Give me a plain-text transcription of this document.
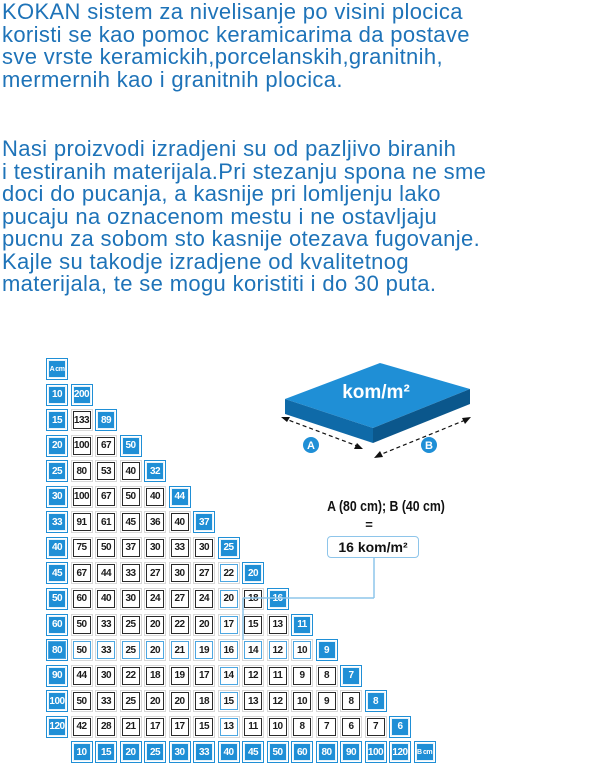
KOKAN sistem za nivelisanje po visini plocica
koristi se kao pomoc keramicarima da postave
sve vrste keramickih,porcelanskih,granitnih,
mermernih kao i granitnih plocica.

Nasi proizvodi izradjeni su od pazljivo biranih
i testiranih materijala.Pri stezanju spona ne sme
doci do pucanja, a kasnije pri lomljenju lako
pucaju na oznacenom mestu i ne ostavljaju
pucnu za sobom sto kasnije otezava fugovanje.
Kajle su takodje izradjene od kvalitetnog
materijala, te se mogu koristiti i do 30 puta.

A cm
10	200
15	133	89
20	100	67	50
25	80	53	40	32
30	100	67	50	40	44
33	91	61	45	36	40	37
40	75	50	37	30	33	30	25
45	67	44	33	27	30	27	22	20
50	60	40	30	24	27	24	20	18	16
60	50	33	25	20	22	20	17	15	13	11
80	50	33	25	20	21	19	16	14	12	10	9
90	44	30	22	18	19	17	14	12	11	9	8	7
100	50	33	25	20	20	18	15	13	12	10	9	8	8
120	42	28	21	17	17	15	13	11	10	8	7	6	7	6
10	15	20	25	30	33	40	45	50	60	80	90	100 120 B cm
kom/m²
A	B
A (80 cm); B (40 cm)
=
16 kom/m²
